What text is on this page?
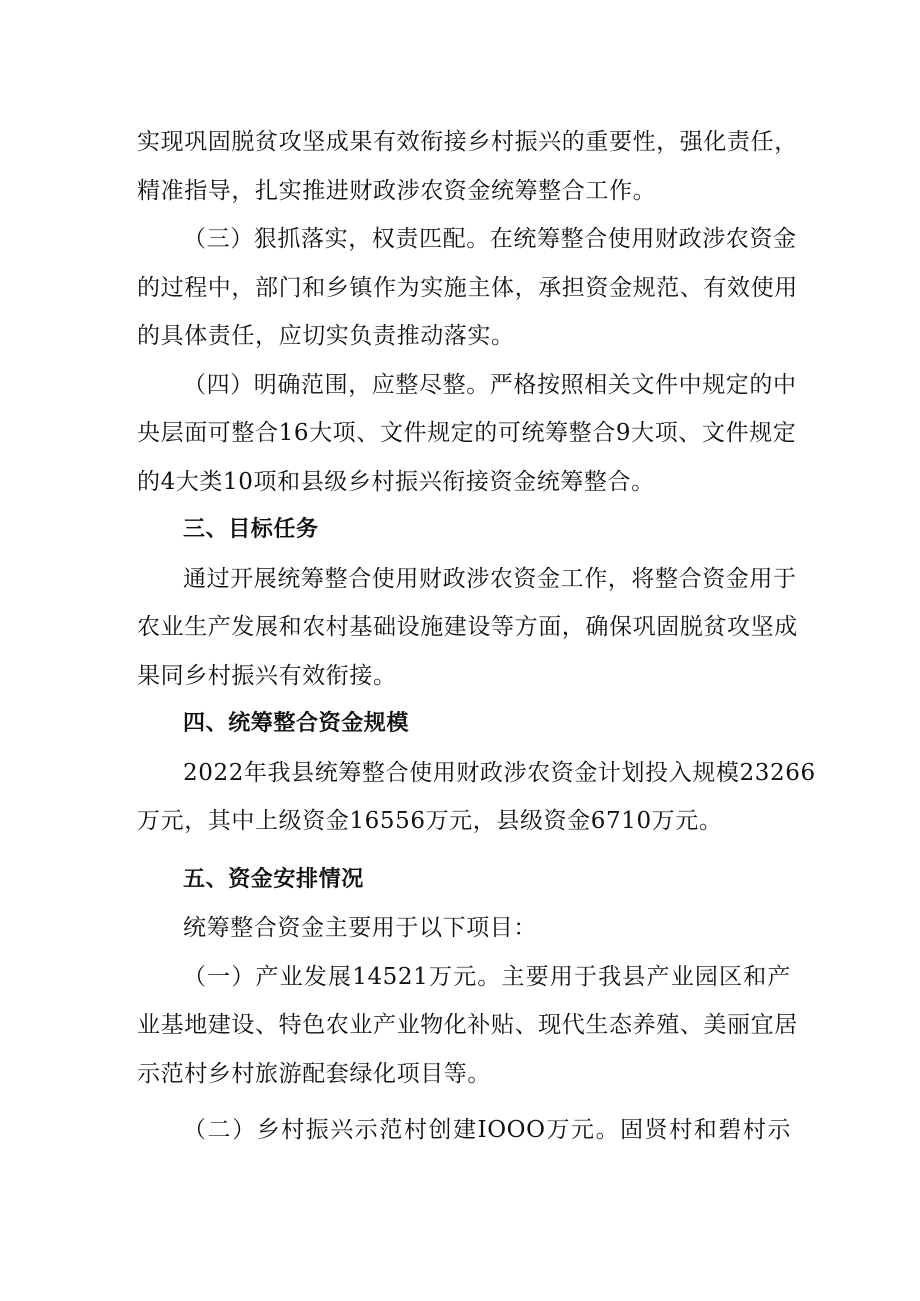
实现巩固脱贫攻坚成果有效衔接乡村振兴的重要性，强化责任，
精准指导，扎实推进财政涉农资金统筹整合工作。
（三）狠抓落实，权责匹配。在统筹整合使用财政涉农资金
的过程中，部门和乡镇作为实施主体，承担资金规范、有效使用
的具体责任，应切实负责推动落实。
（四）明确范围，应整尽整。严格按照相关文件中规定的中
央层面可整合16大项、文件规定的可统筹整合9大项、文件规定
的4大类10项和县级乡村振兴衔接资金统筹整合。
三、目标任务
通过开展统筹整合使用财政涉农资金工作，将整合资金用于
农业生产发展和农村基础设施建设等方面，确保巩固脱贫攻坚成
果同乡村振兴有效衔接。
四、统筹整合资金规模
2022年我县统筹整合使用财政涉农资金计划投入规模23266
万元，其中上级资金16556万元，县级资金6710万元。
五、资金安排情况
统筹整合资金主要用于以下项目：
（一）产业发展14521万元。主要用于我县产业园区和产
业基地建设、特色农业产业物化补贴、现代生态养殖、美丽宜居
示范村乡村旅游配套绿化项目等。
（二）乡村振兴示范村创建IOOO万元。固贤村和碧村示
